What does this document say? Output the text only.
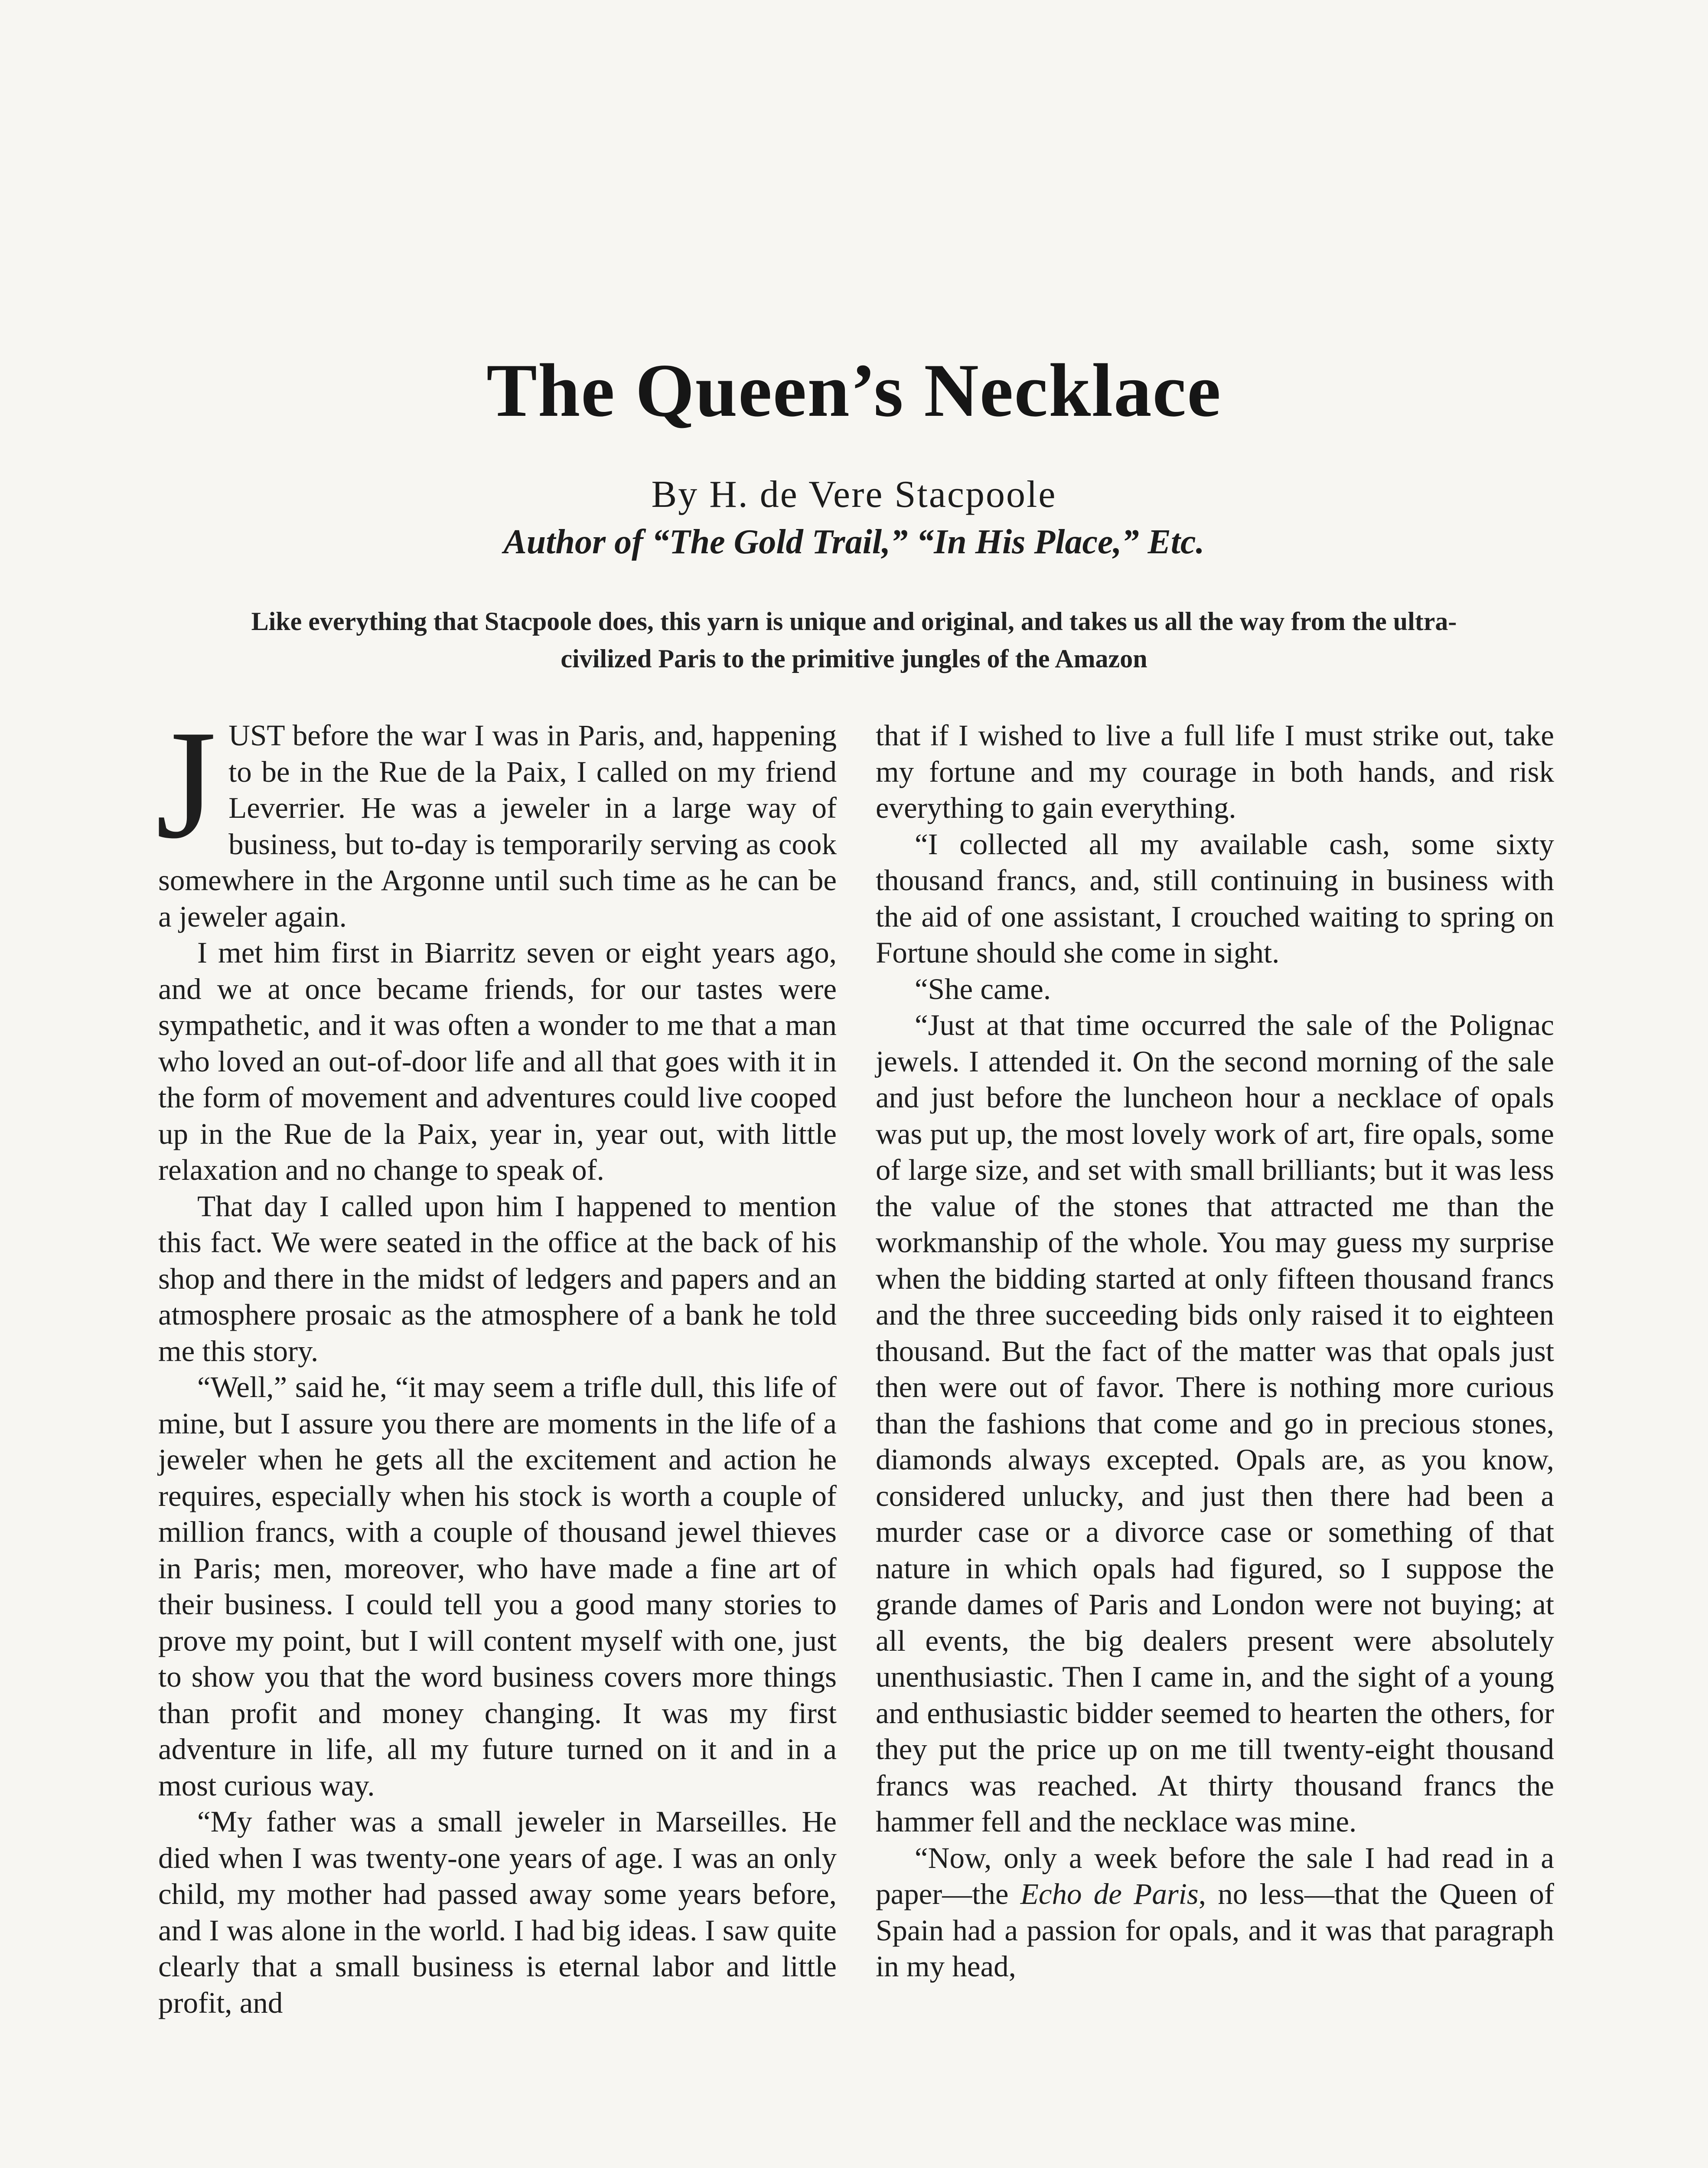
The Queen’s Necklace
By H. de Vere Stacpoole
Author of “The Gold Trail,” “In His Place,” Etc.
Like everything that Stacpoole does, this yarn is unique and original, and takes us all the way from the ultra-civilized Paris to the primitive jungles of the Amazon

JUST before the war I was in Paris, and, happening to be in the Rue de la Paix, I called on my friend Leverrier. He was a jeweler in a large way of business, but to-day is temporarily serving as cook somewhere in the Argonne until such time as he can be a jeweler again.

I met him first in Biarritz seven or eight years ago, and we at once became friends, for our tastes were sympathetic, and it was often a wonder to me that a man who loved an out-of-door life and all that goes with it in the form of movement and adventures could live cooped up in the Rue de la Paix, year in, year out, with little relaxation and no change to speak of.

That day I called upon him I happened to mention this fact. We were seated in the office at the back of his shop and there in the midst of ledgers and papers and an atmosphere prosaic as the atmosphere of a bank he told me this story.

“Well,” said he, “it may seem a trifle dull, this life of mine, but I assure you there are moments in the life of a jeweler when he gets all the excitement and action he requires, especially when his stock is worth a couple of million francs, with a couple of thousand jewel thieves in Paris; men, moreover, who have made a fine art of their business. I could tell you a good many stories to prove my point, but I will content myself with one, just to show you that the word business covers more things than profit and money changing. It was my first adventure in life, all my future turned on it and in a most curious way.

“My father was a small jeweler in Marseilles. He died when I was twenty-one years of age. I was an only child, my mother had passed away some years before, and I was alone in the world. I had big ideas. I saw quite clearly that a small business is eternal labor and little profit, and

that if I wished to live a full life I must strike out, take my fortune and my courage in both hands, and risk everything to gain everything.

“I collected all my available cash, some sixty thousand francs, and, still continuing in business with the aid of one assistant, I crouched waiting to spring on Fortune should she come in sight.

“She came.

“Just at that time occurred the sale of the Polignac jewels. I attended it. On the second morning of the sale and just before the luncheon hour a necklace of opals was put up, the most lovely work of art, fire opals, some of large size, and set with small brilliants; but it was less the value of the stones that attracted me than the workmanship of the whole. You may guess my surprise when the bidding started at only fifteen thousand francs and the three succeeding bids only raised it to eighteen thousand. But the fact of the matter was that opals just then were out of favor. There is nothing more curious than the fashions that come and go in precious stones, diamonds always excepted. Opals are, as you know, considered unlucky, and just then there had been a murder case or a divorce case or something of that nature in which opals had figured, so I suppose the grande dames of Paris and London were not buying; at all events, the big dealers present were absolutely unenthusiastic. Then I came in, and the sight of a young and enthusiastic bidder seemed to hearten the others, for they put the price up on me till twenty-eight thousand francs was reached. At thirty thousand francs the hammer fell and the necklace was mine.

“Now, only a week before the sale I had read in a paper—the Echo de Paris, no less—that the Queen of Spain had a passion for opals, and it was that paragraph in my head,
